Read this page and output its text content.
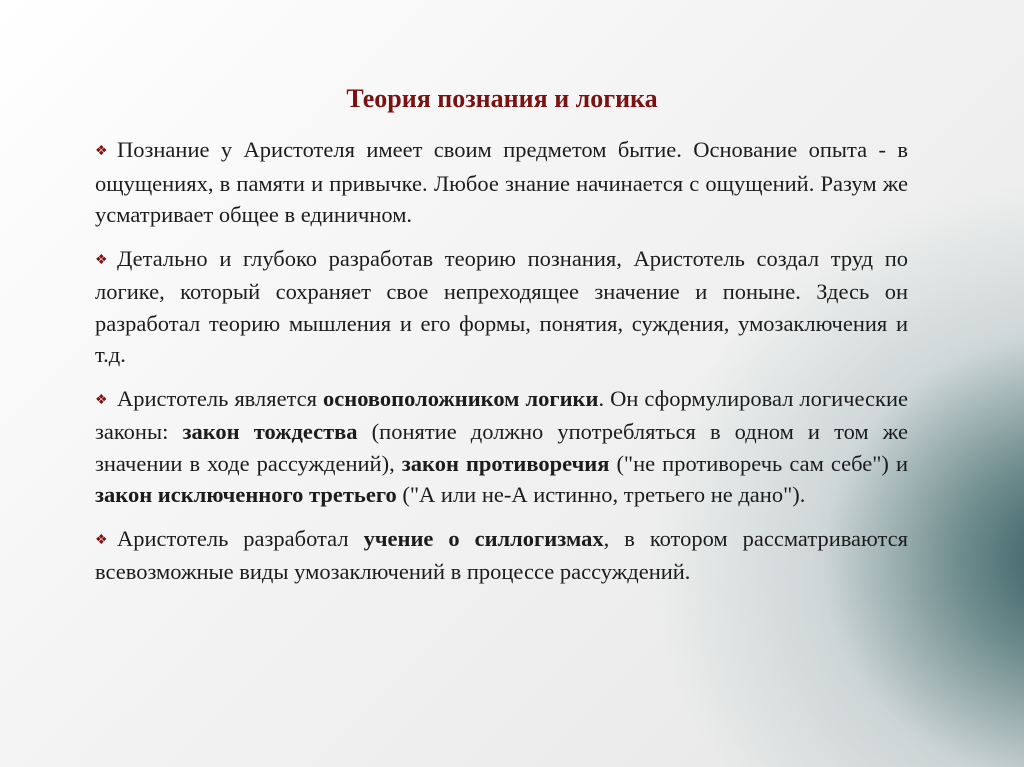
Теория познания и логика

❖ Познание у Аристотеля имеет своим предметом бытие. Основание опыта - в ощущениях, в памяти и привычке. Любое знание начинается с ощущений. Разум же усматривает общее в единичном.

❖ Детально и глубоко разработав теорию познания, Аристотель создал труд по логике, который сохраняет свое непреходящее значение и поныне. Здесь он разработал теорию мышления и его формы, понятия, суждения, умозаключения и т.д.

❖ Аристотель является основоположником логики. Он сформулировал логические законы: закон тождества (понятие должно употребляться в одном и том же значении в ходе рассуждений), закон противоречия ("не противоречь сам себе") и закон исключенного третьего ("А или не-А истинно, третьего не дано").

❖ Аристотель разработал учение о силлогизмах, в котором рассматриваются всевозможные виды умозаключений в процессе рассуждений.
